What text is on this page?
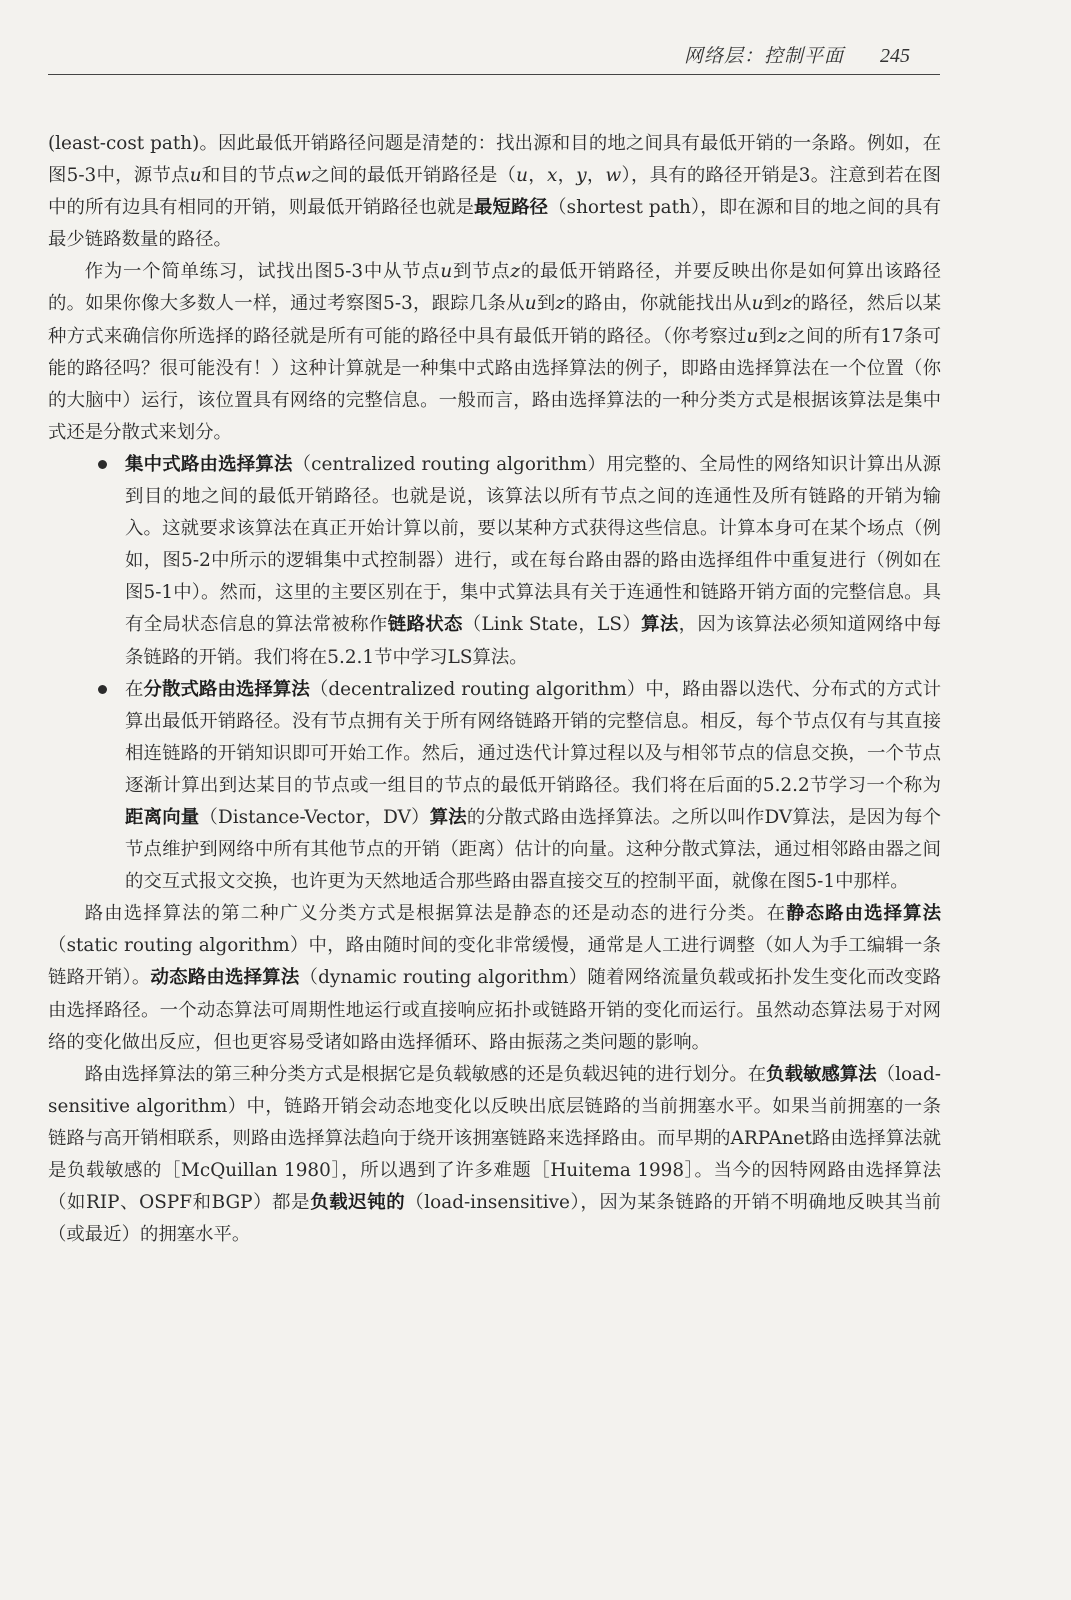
网络层：控制平面 245

(least-cost path)。因此最低开销路径问题是清楚的：找出源和目的地之间具有最低开销的一条路。例如，在图5-3中，源节点u和目的节点w之间的最低开销路径是（u，x，y，w），具有的路径开销是3。注意到若在图中的所有边具有相同的开销，则最低开销路径也就是最短路径（shortest path），即在源和目的地之间的具有最少链路数量的路径。

作为一个简单练习，试找出图5-3中从节点u到节点z的最低开销路径，并要反映出你是如何算出该路径的。如果你像大多数人一样，通过考察图5-3，跟踪几条从u到z的路由，你就能找出从u到z的路径，然后以某种方式来确信你所选择的路径就是所有可能的路径中具有最低开销的路径。（你考察过u到z之间的所有17条可能的路径吗？很可能没有！）这种计算就是一种集中式路由选择算法的例子，即路由选择算法在一个位置（你的大脑中）运行，该位置具有网络的完整信息。一般而言，路由选择算法的一种分类方式是根据该算法是集中式还是分散式来划分。

集中式路由选择算法（centralized routing algorithm）用完整的、全局性的网络知识计算出从源到目的地之间的最低开销路径。也就是说，该算法以所有节点之间的连通性及所有链路的开销为输入。这就要求该算法在真正开始计算以前，要以某种方式获得这些信息。计算本身可在某个场点（例如，图5-2中所示的逻辑集中式控制器）进行，或在每台路由器的路由选择组件中重复进行（例如在图5-1中）。然而，这里的主要区别在于，集中式算法具有关于连通性和链路开销方面的完整信息。具有全局状态信息的算法常被称作链路状态（Link State，LS）算法，因为该算法必须知道网络中每条链路的开销。我们将在5.2.1节中学习LS算法。

在分散式路由选择算法（decentralized routing algorithm）中，路由器以迭代、分布式的方式计算出最低开销路径。没有节点拥有关于所有网络链路开销的完整信息。相反，每个节点仅有与其直接相连链路的开销知识即可开始工作。然后，通过迭代计算过程以及与相邻节点的信息交换，一个节点逐渐计算出到达某目的节点或一组目的节点的最低开销路径。我们将在后面的5.2.2节学习一个称为距离向量（Distance-Vector，DV）算法的分散式路由选择算法。之所以叫作DV算法，是因为每个节点维护到网络中所有其他节点的开销（距离）估计的向量。这种分散式算法，通过相邻路由器之间的交互式报文交换，也许更为天然地适合那些路由器直接交互的控制平面，就像在图5-1中那样。

路由选择算法的第二种广义分类方式是根据算法是静态的还是动态的进行分类。在静态路由选择算法（static routing algorithm）中，路由随时间的变化非常缓慢，通常是人工进行调整（如人为手工编辑一条链路开销）。动态路由选择算法（dynamic routing algorithm）随着网络流量负载或拓扑发生变化而改变路由选择路径。一个动态算法可周期性地运行或直接响应拓扑或链路开销的变化而运行。虽然动态算法易于对网络的变化做出反应，但也更容易受诸如路由选择循环、路由振荡之类问题的影响。

路由选择算法的第三种分类方式是根据它是负载敏感的还是负载迟钝的进行划分。在负载敏感算法（load-sensitive algorithm）中，链路开销会动态地变化以反映出底层链路的当前拥塞水平。如果当前拥塞的一条链路与高开销相联系，则路由选择算法趋向于绕开该拥塞链路来选择路由。而早期的ARPAnet路由选择算法就是负载敏感的［McQuillan 1980］，所以遇到了许多难题［Huitema 1998］。当今的因特网路由选择算法（如RIP、OSPF和BGP）都是负载迟钝的（load-insensitive），因为某条链路的开销不明确地反映其当前（或最近）的拥塞水平。
